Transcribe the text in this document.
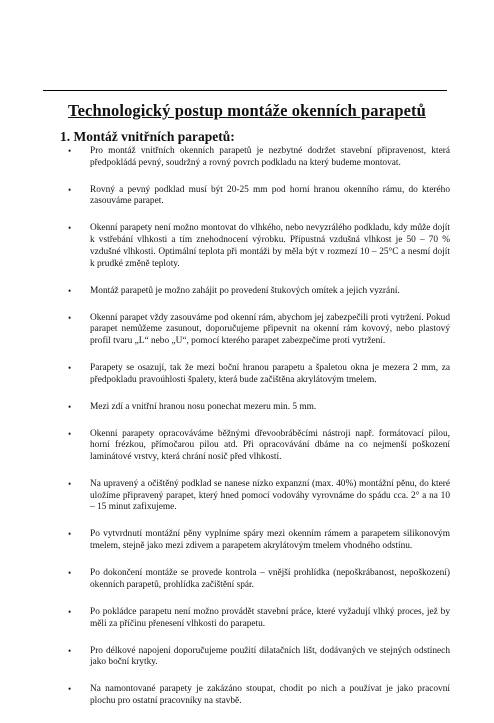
Technologický postup montáže okenních parapetů
1. Montáž vnitřních parapetů:
• Pro montáž vnitřních okenních parapetů je nezbytné dodržet stavební připravenost, která předpokládá pevný, soudržný a rovný povrch podkladu na který budeme montovat.
• Rovný a pevný podklad musí být 20-25 mm pod horní hranou okenního rámu, do kterého zasouváme parapet.
• Okenní parapety není možno montovat do vlhkého, nebo nevyzrálého podkladu, kdy může dojít k vstřebání vlhkosti a tím znehodnocení výrobku. Přípustná vzdušná vlhkost je 50 – 70 % vzdušné vlhkosti. Optimální teplota při montáži by měla být v rozmezí 10 – 25°C a nesmí dojít k prudké změně teploty.
• Montáž parapetů je možno zahájit po provedení štukových omítek a jejich vyzrání.
• Okenní parapet vždy zasouváme pod okenní rám, abychom jej zabezpečili proti vytržení. Pokud parapet nemůžeme zasunout, doporučujeme připevnit na okenní rám kovový, nebo plastový profil tvaru „L“ nebo „U“, pomocí kterého parapet zabezpečíme proti vytržení.
• Parapety se osazují, tak že mezi boční hranou parapetu a špaletou okna je mezera 2 mm, za předpokladu pravoúhlosti špalety, která bude začištěna akrylátovým tmelem.
• Mezi zdí a vnitřní hranou nosu ponechat mezeru min. 5 mm.
• Okenní parapety opracováváme běžnými dřevoobráběcími nástroji např. formátovací pilou, horní frézkou, přímočarou pilou atd. Při opracovávání dbáme na co nejmenší poškození laminátové vrstvy, která chrání nosič před vlhkostí.
• Na upravený a očištěný podklad se nanese nízko expanzní (max. 40%) montážní pěnu, do které uložíme připravený parapet, který hned pomocí vodováhy vyrovnáme do spádu cca. 2° a na 10 – 15 minut zafixujeme.
• Po vytvrdnutí montážní pěny vyplníme spáry mezi okenním rámem a parapetem silikonovým tmelem, stejně jako mezi zdivem a parapetem akrylátovým tmelem vhodného odstínu.
• Po dokončení montáže se provede kontrola – vnější prohlídka (nepoškrábanost, nepoškození) okenních parapetů, prohlídka začištění spár.
• Po pokládce parapetu není možno provádět stavební práce, které vyžadují vlhký proces, jež by měli za příčinu přenesení vlhkosti do parapetu.
• Pro délkové napojení doporučujeme použití dilatačních lišt, dodávaných ve stejných odstínech jako boční krytky.
• Na namontované parapety je zakázáno stoupat, chodit po nich a používat je jako pracovní plochu pro ostatní pracovníky na stavbě.
